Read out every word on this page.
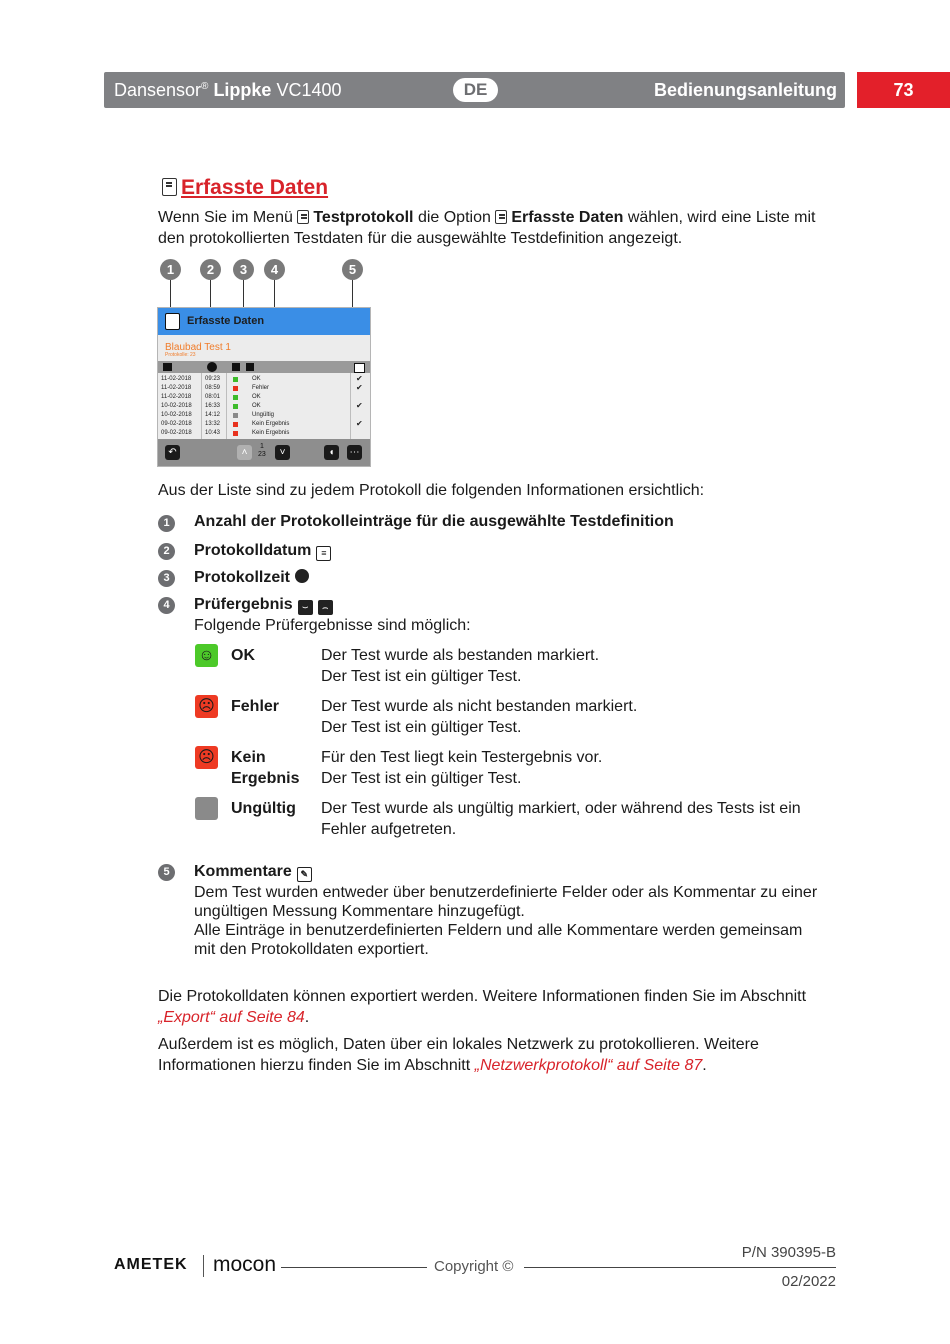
Dansensor® Lippke VC1400	DE	Bedienungsanleitung	73
Erfasste Daten
Wenn Sie im Menü Testprotokoll die Option Erfasste Daten wählen, wird eine Liste mit
den protokollierten Testdaten für die ausgewählte Testdefinition angezeigt.
1	2	3	4	5
Erfasste Daten
Blaubad Test 1
Protokolle: 23
11-02-2018 09:23	OK	✔
11-02-2018 08:59	Fehler	✔
11-02-2018 08:01	OK
10-02-2018 16:33	OK	✔
10-02-2018 14:12	Ungültig
09-02-2018 13:32	Kein Ergebnis	✔
09-02-2018 10:43	Kein Ergebnis
↶	˄
1
23	˅	◖	⋯
Aus der Liste sind zu jedem Protokoll die folgenden Informationen ersichtlich:
1	Anzahl der Protokolleinträge für die ausgewählte Testdefinition
2	Protokolldatum ≡
3	Protokollzeit
4	Prüfergebnis ⌣ ⌢
Folgende Prüfergebnisse sind möglich:
☺ OK	Der Test wurde als bestanden markiert.
Der Test ist ein gültiger Test.
☹ Fehler	Der Test wurde als nicht bestanden markiert.
Der Test ist ein gültiger Test.
☹ Kein
Ergebnis
Für den Test liegt kein Testergebnis vor.
Der Test ist ein gültiger Test.
Ungültig Der Test wurde als ungültig markiert, oder während des Tests ist ein
Fehler aufgetreten.
5	Kommentare ✎
Dem Test wurden entweder über benutzerdefinierte Felder oder als Kommentar zu einer
ungültigen Messung Kommentare hinzugefügt.
Alle Einträge in benutzerdefinierten Feldern und alle Kommentare werden gemeinsam
mit den Protokolldaten exportiert.
Die Protokolldaten können exportiert werden. Weitere Informationen finden Sie im Abschnitt
„Export“ auf Seite 84.
Außerdem ist es möglich, Daten über ein lokales Netzwerk zu protokollieren. Weitere
Informationen hierzu finden Sie im Abschnitt „Netzwerkprotokoll“ auf Seite 87.
AMETEK mocon	Copyright ©
P/N 390395-B
02/2022
